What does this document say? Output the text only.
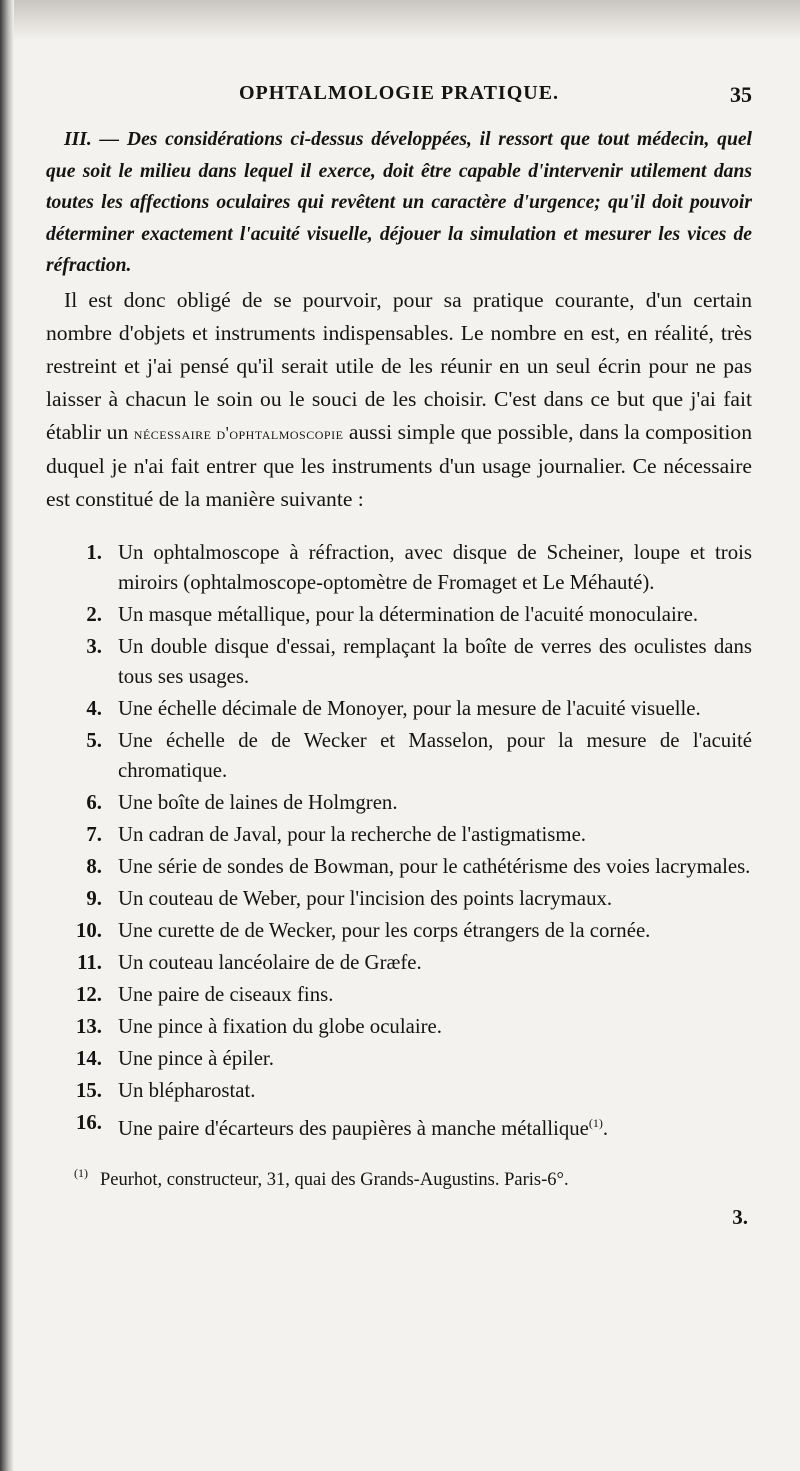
OPHTALMOLOGIE PRATIQUE.	35

III. — Des considérations ci-dessus développées, il ressort que tout médecin, quel que soit le milieu dans lequel il exerce, doit être capable d'intervenir utilement dans toutes les affections oculaires qui revêtent un caractère d'urgence; qu'il doit pouvoir déterminer exactement l'acuité visuelle, déjouer la simulation et mesurer les vices de réfraction.

Il est donc obligé de se pourvoir, pour sa pratique courante, d'un certain nombre d'objets et instruments indispensables. Le nombre en est, en réalité, très restreint et j'ai pensé qu'il serait utile de les réunir en un seul écrin pour ne pas laisser à chacun le soin ou le souci de les choisir. C'est dans ce but que j'ai fait établir un nécessaire d'ophtalmoscopie aussi simple que possible, dans la composition duquel je n'ai fait entrer que les instruments d'un usage journalier. Ce nécessaire est constitué de la manière suivante :

1 . Un ophtalmoscope à réfraction, avec disque de Scheiner, loupe et trois miroirs (ophtalmoscope-optomètre de Fromaget et Le Méhauté).
2 . Un masque métallique, pour la détermination de l'acuité monoculaire.
3 . Un double disque d'essai, remplaçant la boîte de verres des oculistes dans tous ses usages.
4 . Une échelle décimale de Monoyer, pour la mesure de l'acuité visuelle.
5 . Une échelle de de Wecker et Masselon, pour la mesure de l'acuité chromatique.
6 . Une boîte de laines de Holmgren.
7 . Un cadran de Javal, pour la recherche de l'astigmatisme.
8 . Une série de sondes de Bowman, pour le cathétérisme des voies lacrymales.
9 . Un couteau de Weber, pour l'incision des points lacrymaux.
10 . Une curette de de Wecker, pour les corps étrangers de la cornée.
11 . Un couteau lancéolaire de de Græfe.
12 . Une paire de ciseaux fins.
13 . Une pince à fixation du globe oculaire.
14 . Une pince à épiler.
15 . Un blépharostat.
16 . Une paire d'écarteurs des paupières à manche métallique$^{(1)}$.
(1) Peurhot, constructeur, 31, quai des Grands-Augustins. Paris-6°.
3.
